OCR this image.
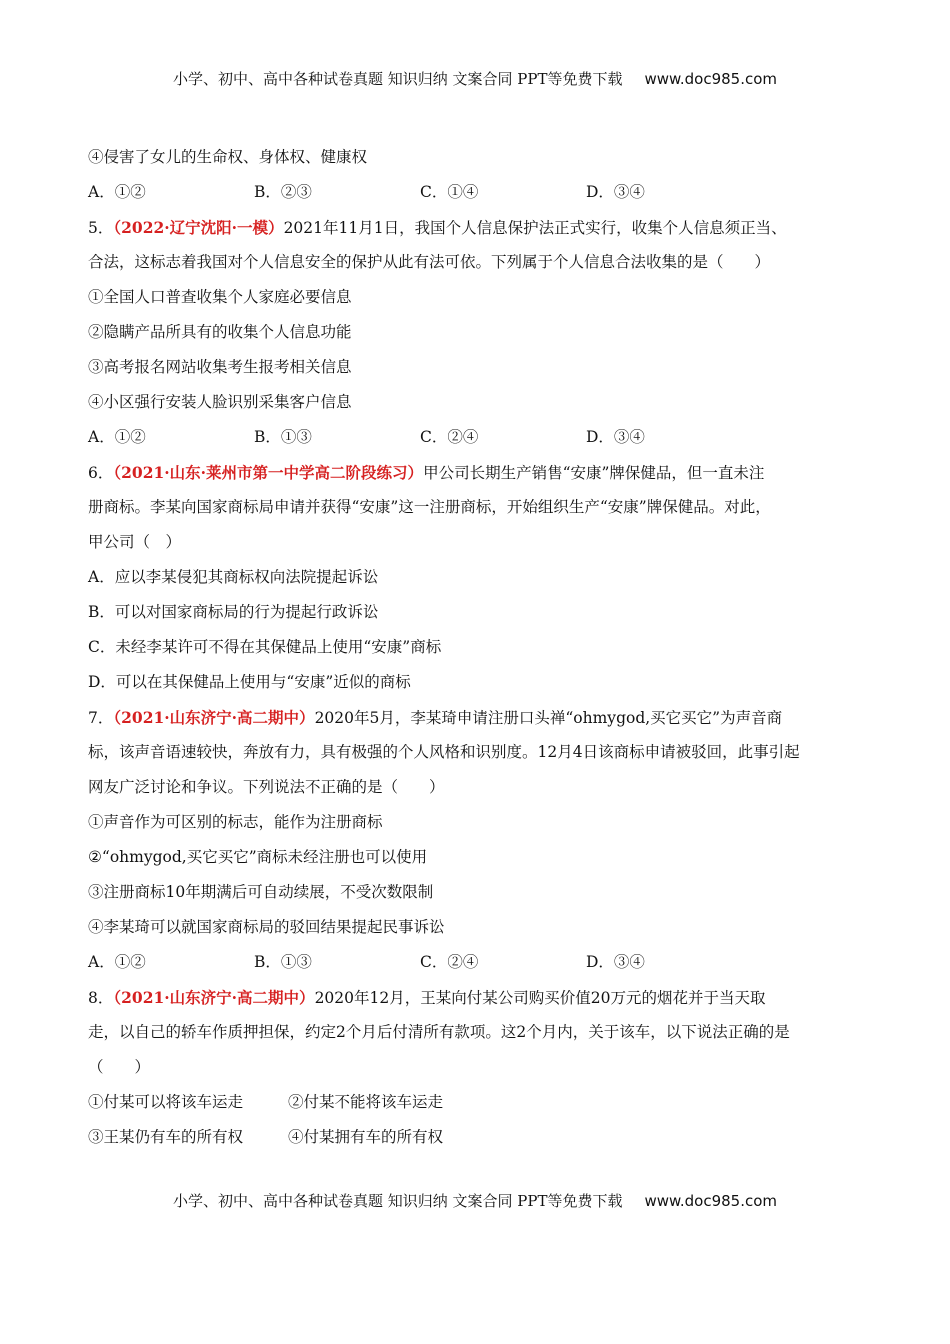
小学、初中、高中各种试卷真题 知识归纳 文案合同 PPT等免费下载 www.doc985.com
④侵害了女儿的生命权、身体权、健康权
A．①②	B．②③	C．①④	D．③④
5．（2022·辽宁沈阳·一模）2021年11月1日，我国个人信息保护法正式实行，收集个人信息须正当、
合法，这标志着我国对个人信息安全的保护从此有法可依。下列属于个人信息合法收集的是（　　）
①全国人口普查收集个人家庭必要信息
②隐瞒产品所具有的收集个人信息功能
③高考报名网站收集考生报考相关信息
④小区强行安装人脸识别采集客户信息
A．①②	B．①③	C．②④	D．③④
6．（2021·山东·莱州市第一中学高二阶段练习）甲公司长期生产销售“安康”牌保健品，但一直未注
册商标。李某向国家商标局申请并获得“安康”这一注册商标，开始组织生产“安康”牌保健品。对此，
甲公司（　）
A．应以李某侵犯其商标权向法院提起诉讼
B．可以对国家商标局的行为提起行政诉讼
C．未经李某许可不得在其保健品上使用“安康”商标
D．可以在其保健品上使用与“安康”近似的商标
7．（2021·山东济宁·高二期中）2020年5月，李某琦申请注册口头禅“ohmygod,买它买它”为声音商
标，该声音语速较快，奔放有力，具有极强的个人风格和识别度。12月4日该商标申请被驳回，此事引起
网友广泛讨论和争议。下列说法不正确的是（　　）
①声音作为可区别的标志，能作为注册商标
②“ohmygod,买它买它”商标未经注册也可以使用
③注册商标10年期满后可自动续展，不受次数限制
④李某琦可以就国家商标局的驳回结果提起民事诉讼
A．①②	B．①③	C．②④	D．③④
8．（2021·山东济宁·高二期中）2020年12月，王某向付某公司购买价值20万元的烟花并于当天取
走，以自己的轿车作质押担保，约定2个月后付清所有款项。这2个月内，关于该车，以下说法正确的是
（　　）
①付某可以将该车运走	②付某不能将该车运走
③王某仍有车的所有权	④付某拥有车的所有权
小学、初中、高中各种试卷真题 知识归纳 文案合同 PPT等免费下载 www.doc985.com
